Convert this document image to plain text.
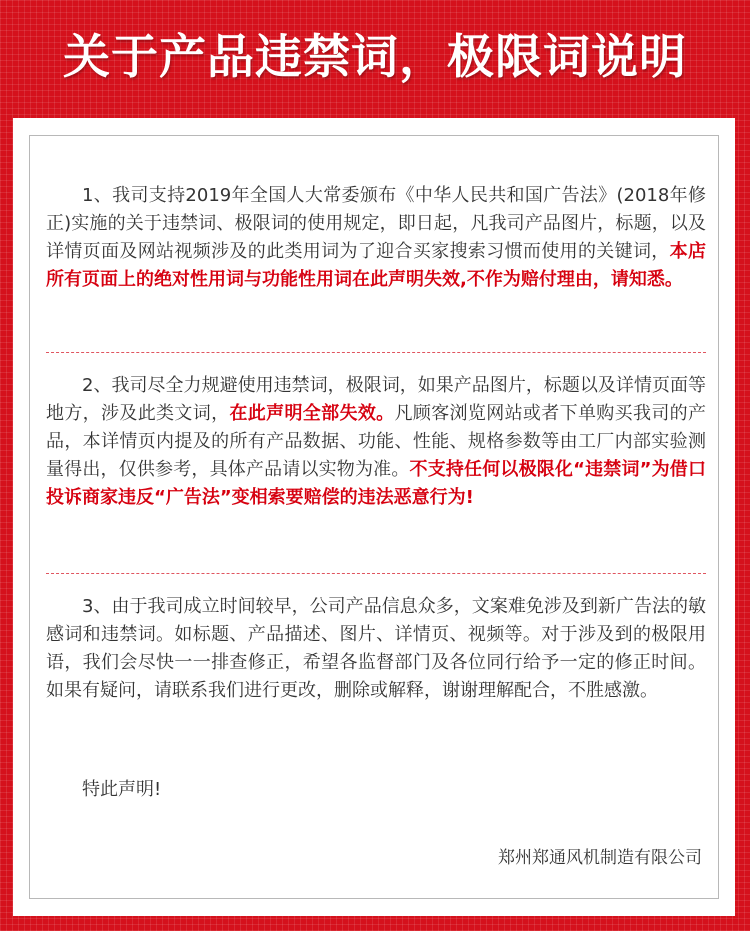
关于产品违禁词，极限词说明

1、我司支持2019年全国人大常委颁布《中华人民共和国广告法》(2018年修正)实施的关于违禁词、极限词的使用规定，即日起，凡我司产品图片，标题，以及详情页面及网站视频涉及的此类用词为了迎合买家搜索习惯而使用的关键词，本店所有页面上的绝对性用词与功能性用词在此声明失效,不作为赔付理由，请知悉。

2、我司尽全力规避使用违禁词，极限词，如果产品图片，标题以及详情页面等地方，涉及此类文词，在此声明全部失效。凡顾客浏览网站或者下单购买我司的产品，本详情页内提及的所有产品数据、功能、性能、规格参数等由工厂内部实验测量得出，仅供参考，具体产品请以实物为准。不支持任何以极限化“违禁词”为借口投诉商家违反“广告法”变相索要赔偿的违法恶意行为!

3、由于我司成立时间较早，公司产品信息众多，文案难免涉及到新广告法的敏感词和违禁词。如标题、产品描述、图片、详情页、视频等。对于涉及到的极限用语，我们会尽快一一排查修正，希望各监督部门及各位同行给予一定的修正时间。如果有疑问，请联系我们进行更改，删除或解释，谢谢理解配合，不胜感激。

特此声明!
郑州郑通风机制造有限公司
